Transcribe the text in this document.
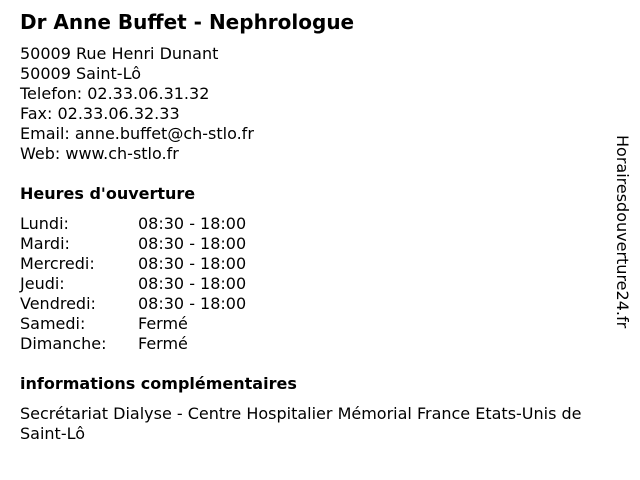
Dr Anne Buffet - Nephrologue
50009 Rue Henri Dunant
50009 Saint-Lô
Telefon: 02.33.06.31.32
Fax: 02.33.06.32.33
Email: anne.buffet@ch-stlo.fr
Web: www.ch-stlo.fr
Heures d'ouverture
Lundi:	08:30 - 18:00
Mardi:	08:30 - 18:00
Mercredi:	08:30 - 18:00
Jeudi:	08:30 - 18:00
Vendredi:	08:30 - 18:00
Samedi:	Fermé
Dimanche:	Fermé
informations complémentaires
Secrétariat Dialyse - Centre Hospitalier Mémorial France Etats-Unis de Saint-Lô
Horairesdouverture24.fr
